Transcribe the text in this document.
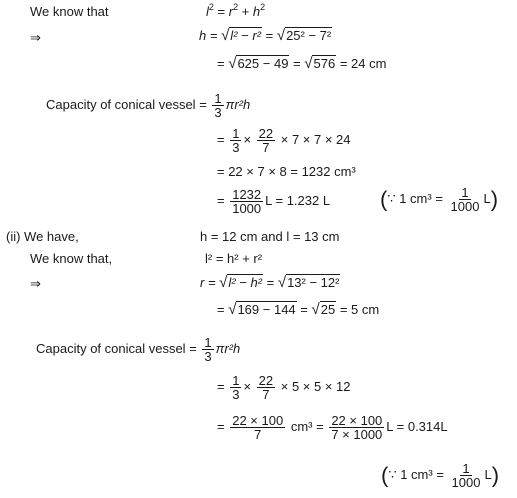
We know that	$l^2 = r^2 + h^2$
⇒	h = √l² − r² = √25² − 7²
= √625 − 49 = √576 = 24 cm
Capacity of conical vessel = $\frac{1}{3} \pi r^2h$
= $\frac{1}{3} \times \frac{22}{7} \times 7 \times 7 \times 24$
= 22 × 7 × 8 = 1232 cm³
= $\frac{1232}{1000}$ L = 1.232 L (∵ 1 $cm^3 = \frac{1}{1000} L$)
(ii) We have,	h = 12 cm and l = 13 cm
We know that,	l² = h² + r²
⇒	r = √l² − h² = √13² − 12²
= √169 − 144 = √25 = 5 cm
Capacity of conical vessel = $\frac{1}{3} \pi r^2h$
= $\frac{1}{3} \times \frac{22}{7} \times 5 \times 5 \times 12$
= $\frac{22 \times 100}{7} cm^3 = \frac{22 \times 100}{7 \times 1000}$ L = 0.314L
(∵ 1 $cm^3 = \frac{1}{1000} L$)
